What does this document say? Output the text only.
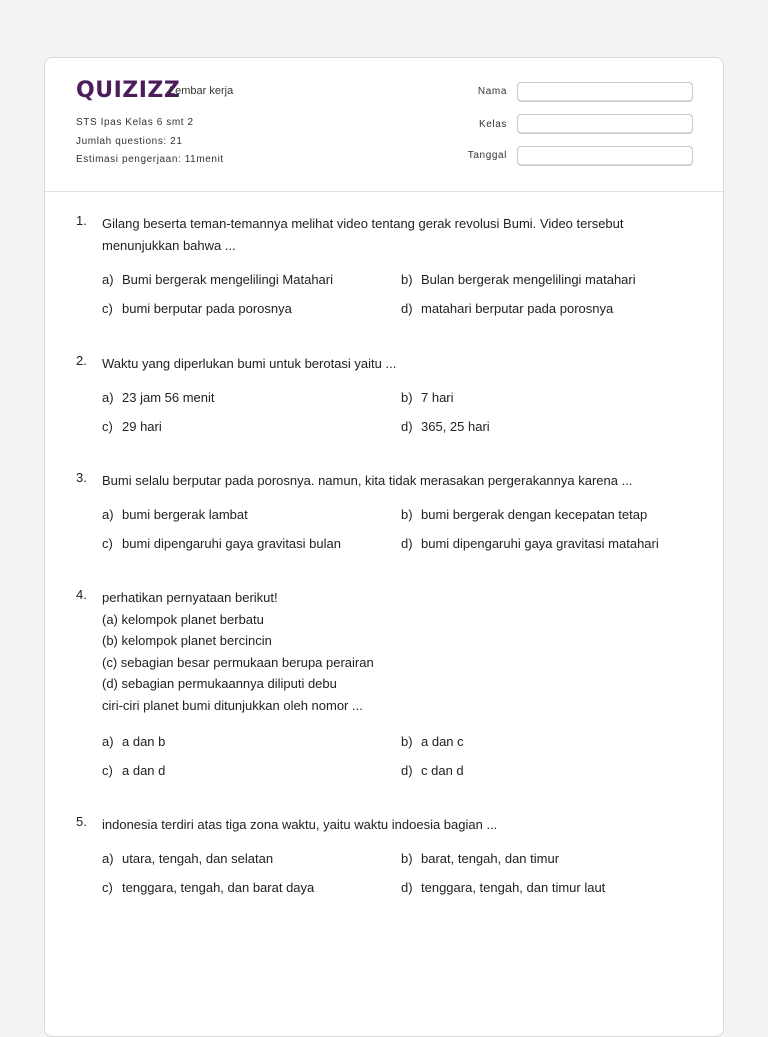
QUIZIZZ
Lembar kerja
STS Ipas Kelas 6 smt 2
Jumlah questions: 21
Estimasi pengerjaan: 11menit
Nama
Kelas
Tanggal
1. Gilang beserta teman-temannya melihat video tentang gerak revolusi Bumi. Video tersebut
menunjukkan bahwa ...
a) Bumi bergerak mengelilingi Matahari	b) Bulan bergerak mengelilingi matahari
c) bumi berputar pada porosnya	d) matahari berputar pada porosnya
2. Waktu yang diperlukan bumi untuk berotasi yaitu ...
a) 23 jam 56 menit	b) 7 hari
c) 29 hari	d) 365, 25 hari
3. Bumi selalu berputar pada porosnya. namun, kita tidak merasakan pergerakannya karena ...
a) bumi bergerak lambat	b) bumi bergerak dengan kecepatan tetap
c) bumi dipengaruhi gaya gravitasi bulan	d) bumi dipengaruhi gaya gravitasi matahari
4. perhatikan pernyataan berikut!
(a) kelompok planet berbatu
(b) kelompok planet bercincin
(c) sebagian besar permukaan berupa perairan
(d) sebagian permukaannya diliputi debu
ciri-ciri planet bumi ditunjukkan oleh nomor ...
a) a dan b	b) a dan c
c) a dan d	d) c dan d
5. indonesia terdiri atas tiga zona waktu, yaitu waktu indoesia bagian ...
a) utara, tengah, dan selatan	b) barat, tengah, dan timur
c) tenggara, tengah, dan barat daya	d) tenggara, tengah, dan timur laut
